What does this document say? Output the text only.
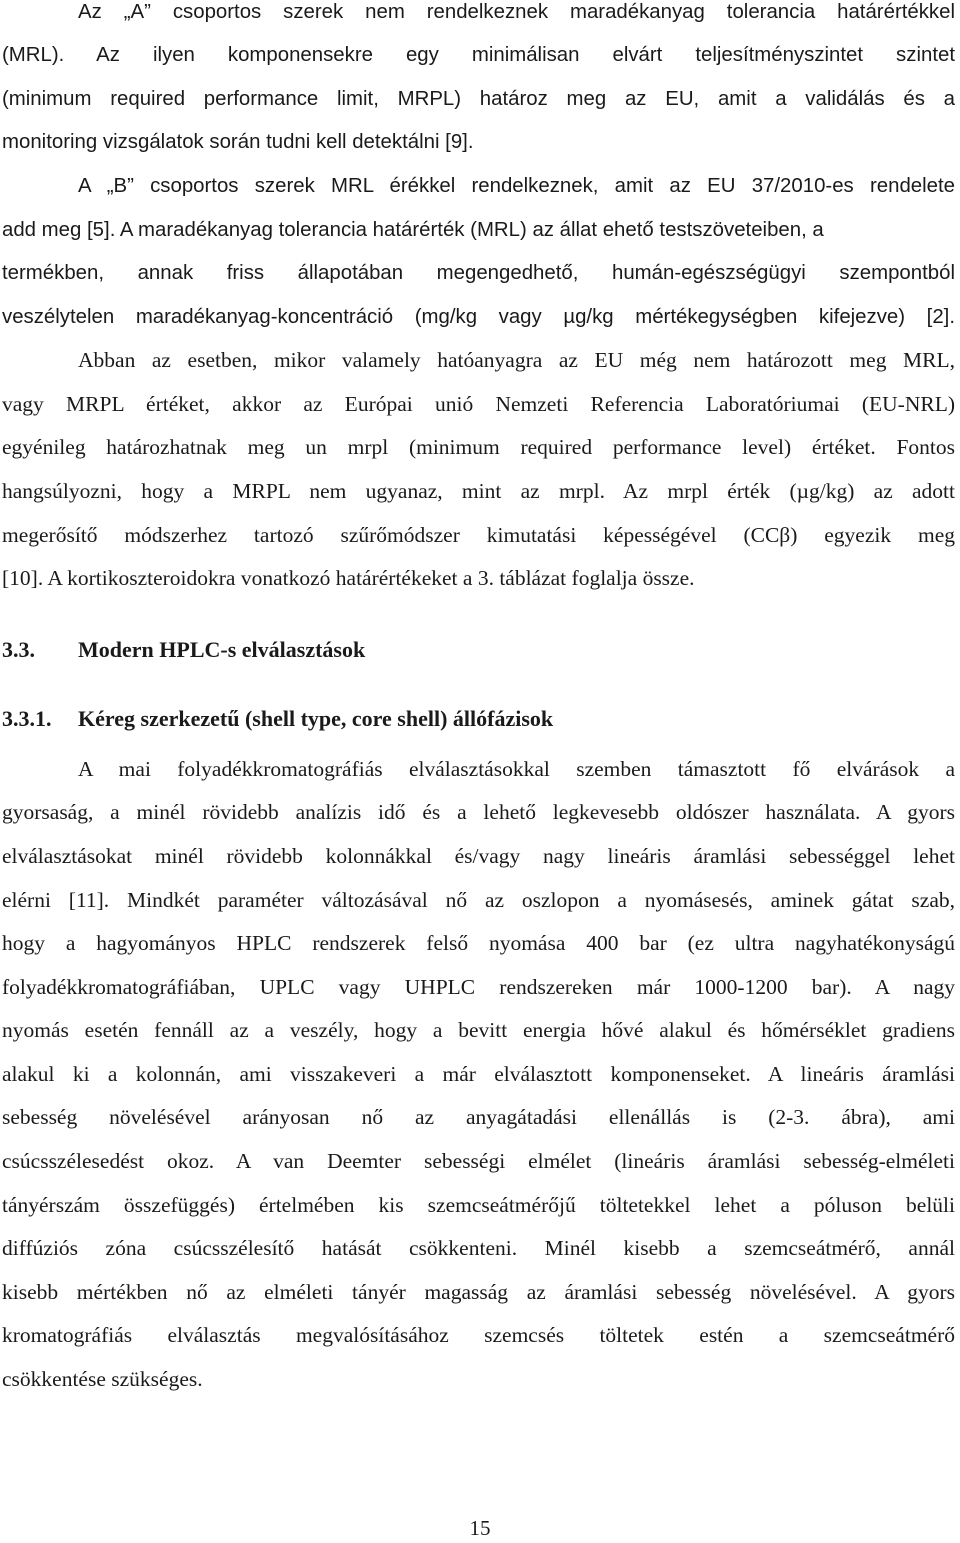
Az „A” csoportos szerek nem rendelkeznek maradékanyag tolerancia határértékkel
(MRL). Az ilyen komponensekre egy minimálisan elvárt teljesítményszintet szintet
(minimum required performance limit, MRPL) határoz meg az EU, amit a validálás és a
monitoring vizsgálatok során tudni kell detektálni [9].
A „B” csoportos szerek MRL érékkel rendelkeznek, amit az EU 37/2010-es rendelete
add meg [5]. A maradékanyag tolerancia határérték (MRL) az állat ehető testszöveteiben, a
termékben, annak friss állapotában megengedhető, humán-egészségügyi szempontból
veszélytelen maradékanyag-koncentráció (mg/kg vagy µg/kg mértékegységben kifejezve) [2].
Abban az esetben, mikor valamely hatóanyagra az EU még nem határozott meg MRL,
vagy MRPL értéket, akkor az Európai unió Nemzeti Referencia Laboratóriumai (EU-NRL)
egyénileg határozhatnak meg un mrpl (minimum required performance level) értéket. Fontos
hangsúlyozni, hogy a MRPL nem ugyanaz, mint az mrpl. Az mrpl érték (µg/kg) az adott
megerősítő módszerhez tartozó szűrőmódszer kimutatási képességével (CCβ) egyezik meg
[10]. A kortikoszteroidokra vonatkozó határértékeket a 3. táblázat foglalja össze.
3.3. Modern HPLC-s elválasztások
3.3.1. Kéreg szerkezetű (shell type, core shell) állófázisok
A mai folyadékkromatográfiás elválasztásokkal szemben támasztott fő elvárások a
gyorsaság, a minél rövidebb analízis idő és a lehető legkevesebb oldószer használata. A gyors
elválasztásokat minél rövidebb kolonnákkal és/vagy nagy lineáris áramlási sebességgel lehet
elérni [11]. Mindkét paraméter változásával nő az oszlopon a nyomásesés, aminek gátat szab,
hogy a hagyományos HPLC rendszerek felső nyomása 400 bar (ez ultra nagyhatékonyságú
folyadékkromatográfiában, UPLC vagy UHPLC rendszereken már 1000-1200 bar). A nagy
nyomás esetén fennáll az a veszély, hogy a bevitt energia hővé alakul és hőmérséklet gradiens
alakul ki a kolonnán, ami visszakeveri a már elválasztott komponenseket. A lineáris áramlási
sebesség növelésével arányosan nő az anyagátadási ellenállás is (2-3. ábra), ami
csúcsszélesedést okoz. A van Deemter sebességi elmélet (lineáris áramlási sebesség-elméleti
tányérszám összefüggés) értelmében kis szemcseátmérőjű töltetekkel lehet a póluson belüli
diffúziós zóna csúcsszélesítő hatását csökkenteni. Minél kisebb a szemcseátmérő, annál
kisebb mértékben nő az elméleti tányér magasság az áramlási sebesség növelésével. A gyors
kromatográfiás elválasztás megvalósításához szemcsés töltetek estén a szemcseátmérő
csökkentése szükséges.
15
